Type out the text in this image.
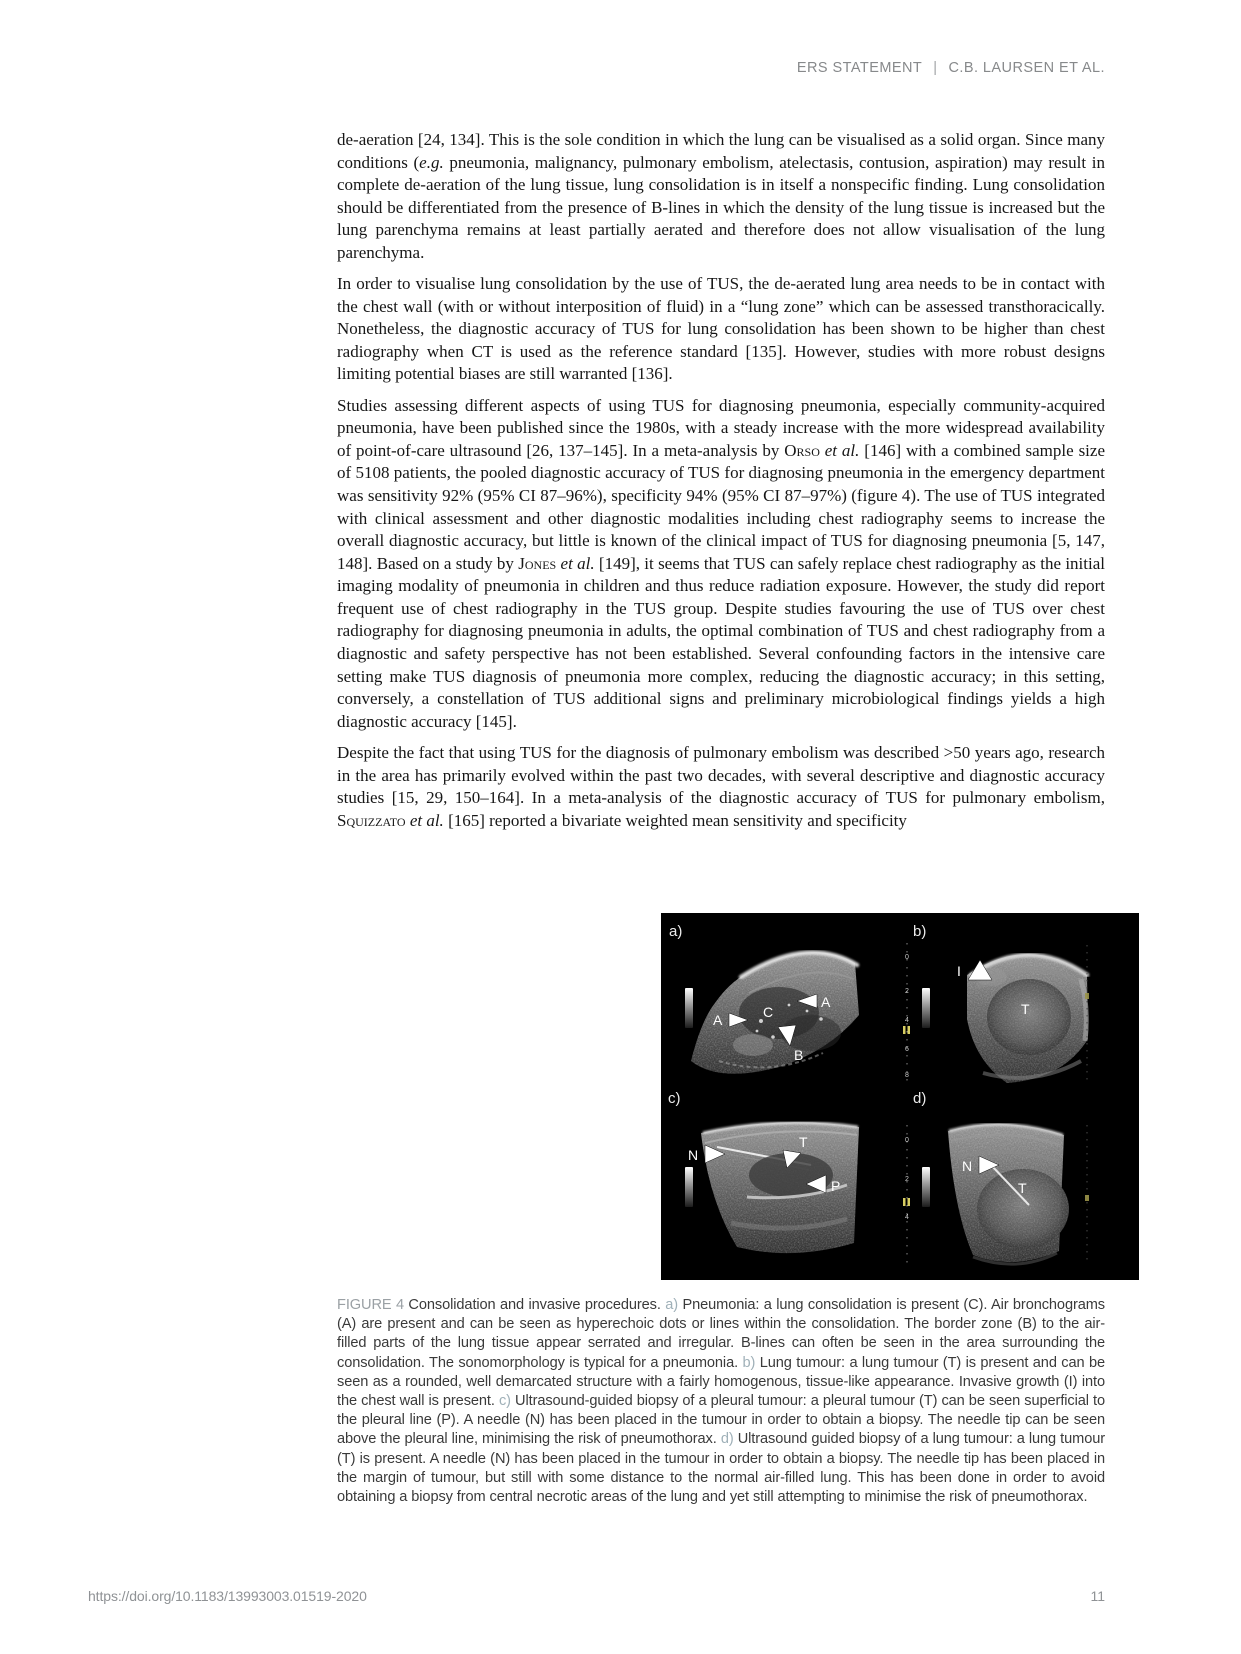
ERS STATEMENT | C.B. LAURSEN ET AL.

de-aeration [24, 134]. This is the sole condition in which the lung can be visualised as a solid organ. Since many conditions (e.g. pneumonia, malignancy, pulmonary embolism, atelectasis, contusion, aspiration) may result in complete de-aeration of the lung tissue, lung consolidation is in itself a nonspecific finding. Lung consolidation should be differentiated from the presence of B-lines in which the density of the lung tissue is increased but the lung parenchyma remains at least partially aerated and therefore does not allow visualisation of the lung parenchyma.

In order to visualise lung consolidation by the use of TUS, the de-aerated lung area needs to be in contact with the chest wall (with or without interposition of fluid) in a “lung zone” which can be assessed transthoracically. Nonetheless, the diagnostic accuracy of TUS for lung consolidation has been shown to be higher than chest radiography when CT is used as the reference standard [135]. However, studies with more robust designs limiting potential biases are still warranted [136].

Studies assessing different aspects of using TUS for diagnosing pneumonia, especially community-acquired pneumonia, have been published since the 1980s, with a steady increase with the more widespread availability of point-of-care ultrasound [26, 137–145]. In a meta-analysis by Orso et al. [146] with a combined sample size of 5108 patients, the pooled diagnostic accuracy of TUS for diagnosing pneumonia in the emergency department was sensitivity 92% (95% CI 87–96%), specificity 94% (95% CI 87–97%) (figure 4). The use of TUS integrated with clinical assessment and other diagnostic modalities including chest radiography seems to increase the overall diagnostic accuracy, but little is known of the clinical impact of TUS for diagnosing pneumonia [5, 147, 148]. Based on a study by Jones et al. [149], it seems that TUS can safely replace chest radiography as the initial imaging modality of pneumonia in children and thus reduce radiation exposure. However, the study did report frequent use of chest radiography in the TUS group. Despite studies favouring the use of TUS over chest radiography for diagnosing pneumonia in adults, the optimal combination of TUS and chest radiography from a diagnostic and safety perspective has not been established. Several confounding factors in the intensive care setting make TUS diagnosis of pneumonia more complex, reducing the diagnostic accuracy; in this setting, conversely, a constellation of TUS additional signs and preliminary microbiological findings yields a high diagnostic accuracy [145].

Despite the fact that using TUS for the diagnosis of pulmonary embolism was described >50 years ago, research in the area has primarily evolved within the past two decades, with several descriptive and diagnostic accuracy studies [15, 29, 150–164]. In a meta-analysis of the diagnostic accuracy of TUS for pulmonary embolism, Squizzato et al. [165] reported a bivariate weighted mean sensitivity and specificity

a)
A	C
A
B
0
2
4
6
8
b)
I
T
c)
N
T
P
0
2
4
d)
N
T
FIGURE 4 Consolidation and invasive procedures. a) Pneumonia: a lung consolidation is present (C). Air bronchograms (A) are present and can be seen as hyperechoic dots or lines within the consolidation. The border zone (B) to the air-filled parts of the lung tissue appear serrated and irregular. B-lines can often be seen in the area surrounding the consolidation. The sonomorphology is typical for a pneumonia. b) Lung tumour: a lung tumour (T) is present and can be seen as a rounded, well demarcated structure with a fairly homogenous, tissue-like appearance. Invasive growth (I) into the chest wall is present. c) Ultrasound-guided biopsy of a pleural tumour: a pleural tumour (T) can be seen superficial to the pleural line (P). A needle (N) has been placed in the tumour in order to obtain a biopsy. The needle tip can be seen above the pleural line, minimising the risk of pneumothorax. d) Ultrasound guided biopsy of a lung tumour: a lung tumour (T) is present. A needle (N) has been placed in the tumour in order to obtain a biopsy. The needle tip has been placed in the margin of tumour, but still with some distance to the normal air-filled lung. This has been done in order to avoid obtaining a biopsy from central necrotic areas of the lung and yet still attempting to minimise the risk of pneumothorax.
https://doi.org/10.1183/13993003.01519-2020	11
